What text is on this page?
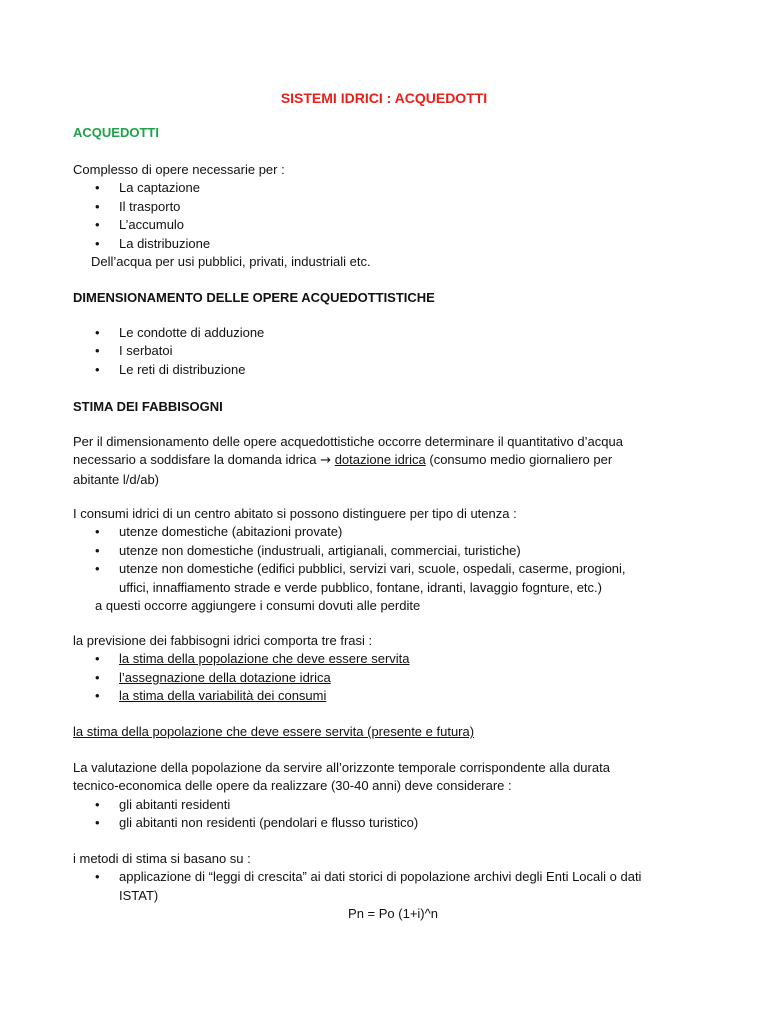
SISTEMI IDRICI : ACQUEDOTTI
ACQUEDOTTI
Complesso di opere necessarie per :
• La captazione
• Il trasporto
• L’accumulo
• La distribuzione
Dell’acqua per usi pubblici, privati, industriali etc.
DIMENSIONAMENTO DELLE OPERE ACQUEDOTTISTICHE
• Le condotte di adduzione
• I serbatoi
• Le reti di distribuzione
STIMA DEI FABBISOGNI
Per il dimensionamento delle opere acquedottistiche occorre determinare il quantitativo d’acqua
necessario a soddisfare la domanda idrica → dotazione idrica (consumo medio giornaliero per
abitante l/d/ab)
I consumi idrici di un centro abitato si possono distinguere per tipo di utenza :
• utenze domestiche (abitazioni provate)
• utenze non domestiche (industruali, artigianali, commerciai, turistiche)
• utenze non domestiche (edifici pubblici, servizi vari, scuole, ospedali, caserme, progioni,
uffici, innaffiamento strade e verde pubblico, fontane, idranti, lavaggio fognture, etc.)
a questi occorre aggiungere i consumi dovuti alle perdite
la previsione dei fabbisogni idrici comporta tre frasi :
• la stima della popolazione che deve essere servita
• l’assegnazione della dotazione idrica
• la stima della variabilità dei consumi
la stima della popolazione che deve essere servita (presente e futura)
La valutazione della popolazione da servire all’orizzonte temporale corrispondente alla durata
tecnico-economica delle opere da realizzare (30-40 anni) deve considerare :
• gli abitanti residenti
• gli abitanti non residenti (pendolari e flusso turistico)
i metodi di stima si basano su :
• applicazione di “leggi di crescita” ai dati storici di popolazione archivi degli Enti Locali o dati
ISTAT)
Pn = Po (1+i)^n
